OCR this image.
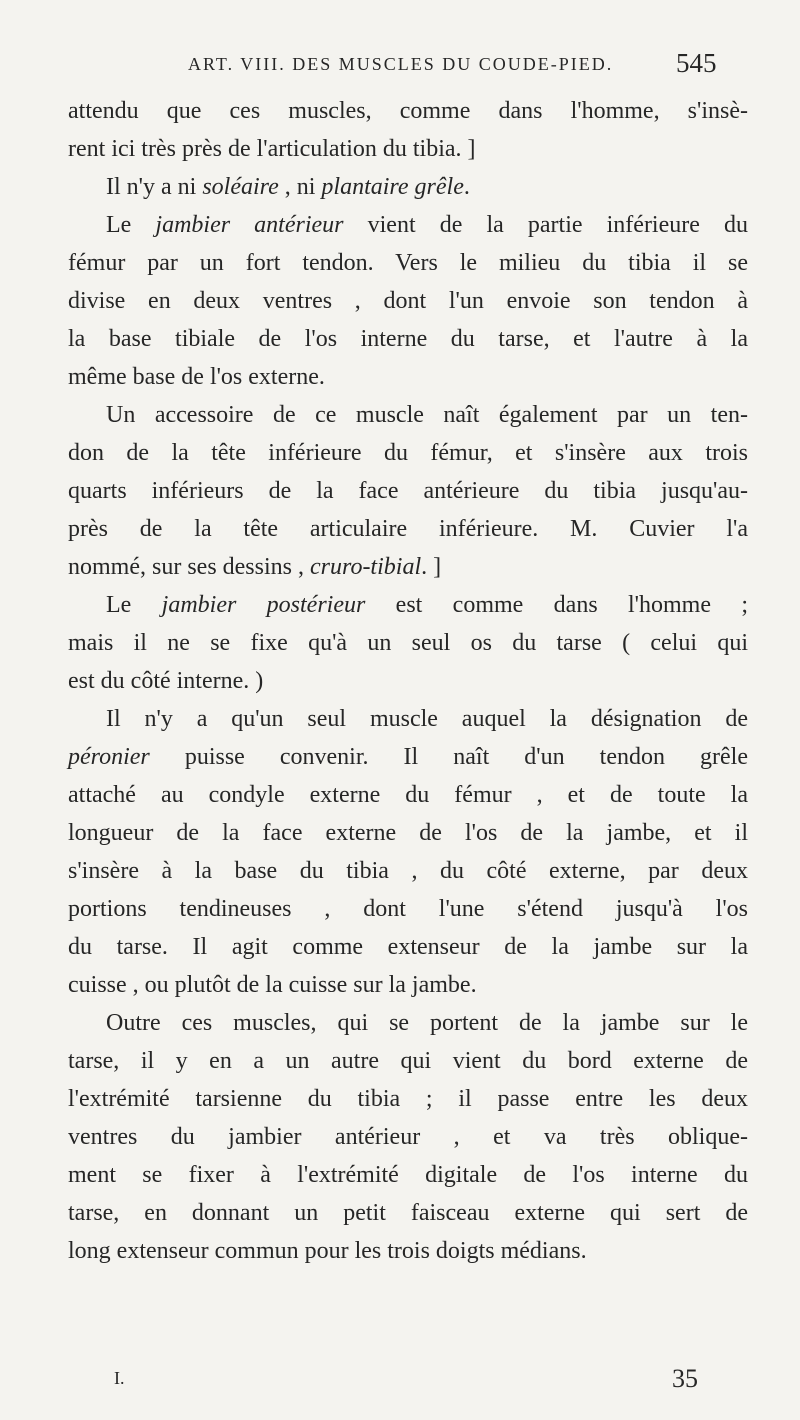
ART. VIII. DES MUSCLES DU COUDE-PIED. 545
attendu que ces muscles, comme dans l'homme, s'insè-
rent ici très près de l'articulation du tibia. ]
Il n'y a ni soléaire , ni plantaire grêle.
Le jambier antérieur vient de la partie inférieure du
fémur par un fort tendon. Vers le milieu du tibia il se
divise en deux ventres , dont l'un envoie son tendon à
la base tibiale de l'os interne du tarse, et l'autre à la
même base de l'os externe.
Un accessoire de ce muscle naît également par un ten-
don de la tête inférieure du fémur, et s'insère aux trois
quarts inférieurs de la face antérieure du tibia jusqu'au-
près de la tête articulaire inférieure. M. Cuvier l'a
nommé, sur ses dessins , cruro-tibial. ]
Le jambier postérieur est comme dans l'homme ;
mais il ne se fixe qu'à un seul os du tarse ( celui qui
est du côté interne. )
Il n'y a qu'un seul muscle auquel la désignation de
péronier puisse convenir. Il naît d'un tendon grêle
attaché au condyle externe du fémur , et de toute la
longueur de la face externe de l'os de la jambe, et il
s'insère à la base du tibia , du côté externe, par deux
portions tendineuses , dont l'une s'étend jusqu'à l'os
du tarse. Il agit comme extenseur de la jambe sur la
cuisse , ou plutôt de la cuisse sur la jambe.
Outre ces muscles, qui se portent de la jambe sur le
tarse, il y en a un autre qui vient du bord externe de
l'extrémité tarsienne du tibia ; il passe entre les deux
ventres du jambier antérieur , et va très oblique-
ment se fixer à l'extrémité digitale de l'os interne du
tarse, en donnant un petit faisceau externe qui sert de
long extenseur commun pour les trois doigts médians.
I.	35
